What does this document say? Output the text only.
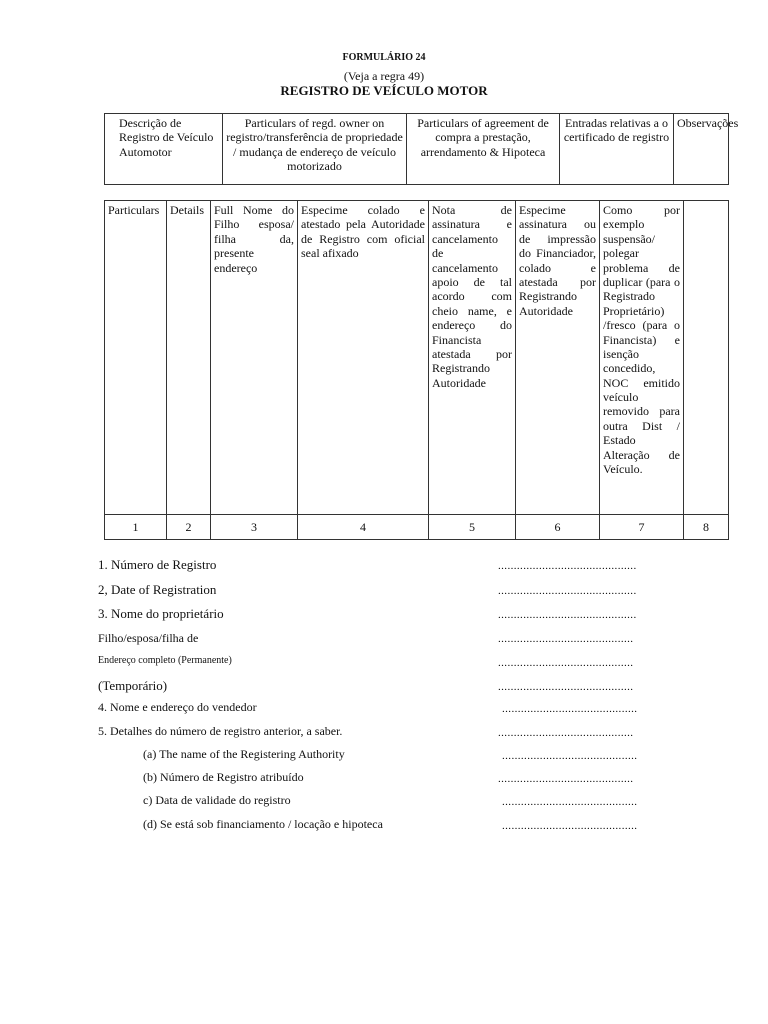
FORMULÁRIO 24
(Veja a regra 49)
REGISTRO DE VEÍCULO MOTOR
Descrição de Registro de Veículo Automotor	Particulars of regd. owner on registro/transferência de propriedade / mudança de endereço de veículo motorizado	Particulars of agreement de compra a prestação, arrendamento & Hipoteca	Entradas relativas a o certificado de registro	Observações
Particulars	Details	Full Nome do Filho esposa/ filha da, presente endereço	Especime colado e atestado pela Autoridade de Registro com oficial seal afixado	Nota de assinatura e cancelamento de cancelamento apoio de tal acordo com cheio name, e endereço do Financista atestada por Registrando Autoridade	Especime assinatura ou de impressão do Financiador, colado e atestada por Registrando Autoridade	Como por exemplo suspensão/ polegar problema de duplicar (para o Registrado Proprietário) /fresco (para o Financista) e isenção concedido, NOC emitido veículo removido para outra Dist / Estado Alteração de Veículo.	
1	2	3	4	5	6	7	8
1. Número de Registro	............................................
2, Date of Registration	............................................
3. Nome do proprietário	............................................
Filho/esposa/filha de	...........................................
Endereço completo (Permanente)	...........................................
(Temporário)	...........................................
4. Nome e endereço do vendedor	...........................................
5. Detalhes do número de registro anterior, a saber.	...........................................
(a) The name of the Registering Authority	...........................................
(b) Número de Registro atribuído	...........................................
c) Data de validade do registro	...........................................
(d) Se está sob financiamento / locação e hipoteca	...........................................
